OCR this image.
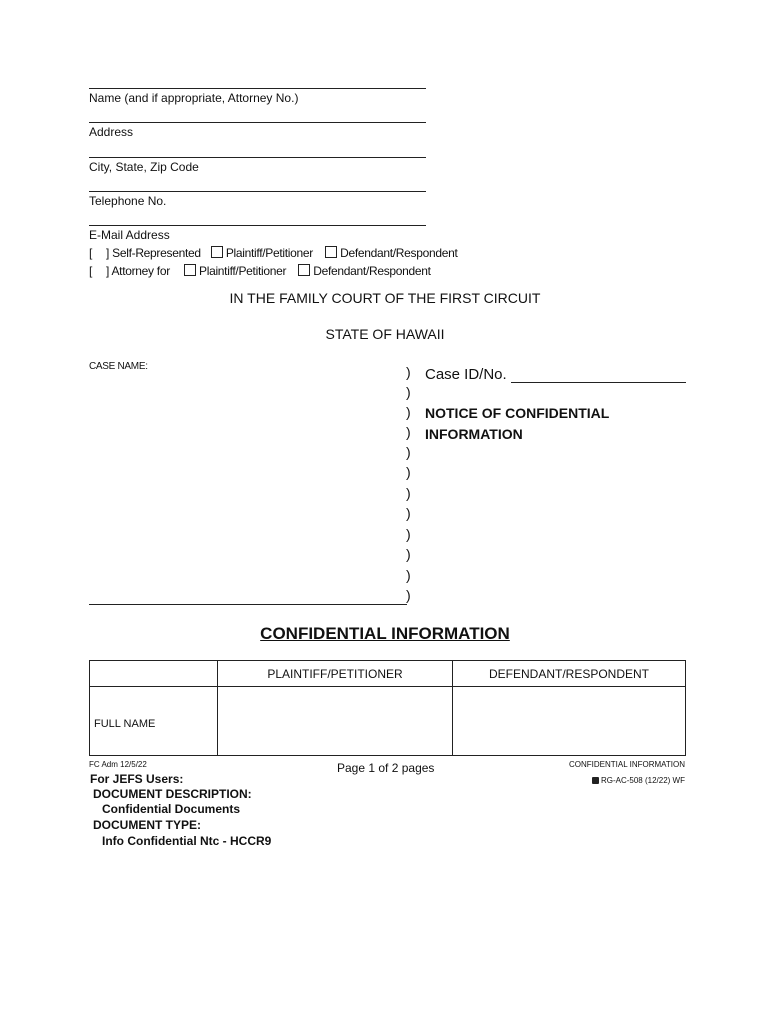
Name (and if appropriate, Attorney No.)
Address
City, State, Zip Code
Telephone No.
E-Mail Address
[ ] Self-Represented Plaintiff/Petitioner Defendant/Respondent
[ ] Attorney for Plaintiff/Petitioner Defendant/Respondent
IN THE FAMILY COURT OF THE FIRST CIRCUIT
STATE OF HAWAII
CASE NAME:	)
)
)
)
)
)
)
)
)
)
)
)
Case ID/No.
NOTICE OF CONFIDENTIAL
INFORMATION
CONFIDENTIAL INFORMATION
	PLAINTIFF/PETITIONER	DEFENDANT/RESPONDENT
FULL NAME		
FC Adm 12/5/22	Page 1 of 2 pages	CONFIDENTIAL INFORMATION
RG-AC-508 (12/22) WF
For JEFS Users:
DOCUMENT DESCRIPTION:
Confidential Documents
DOCUMENT TYPE:
Info Confidential Ntc - HCCR9
